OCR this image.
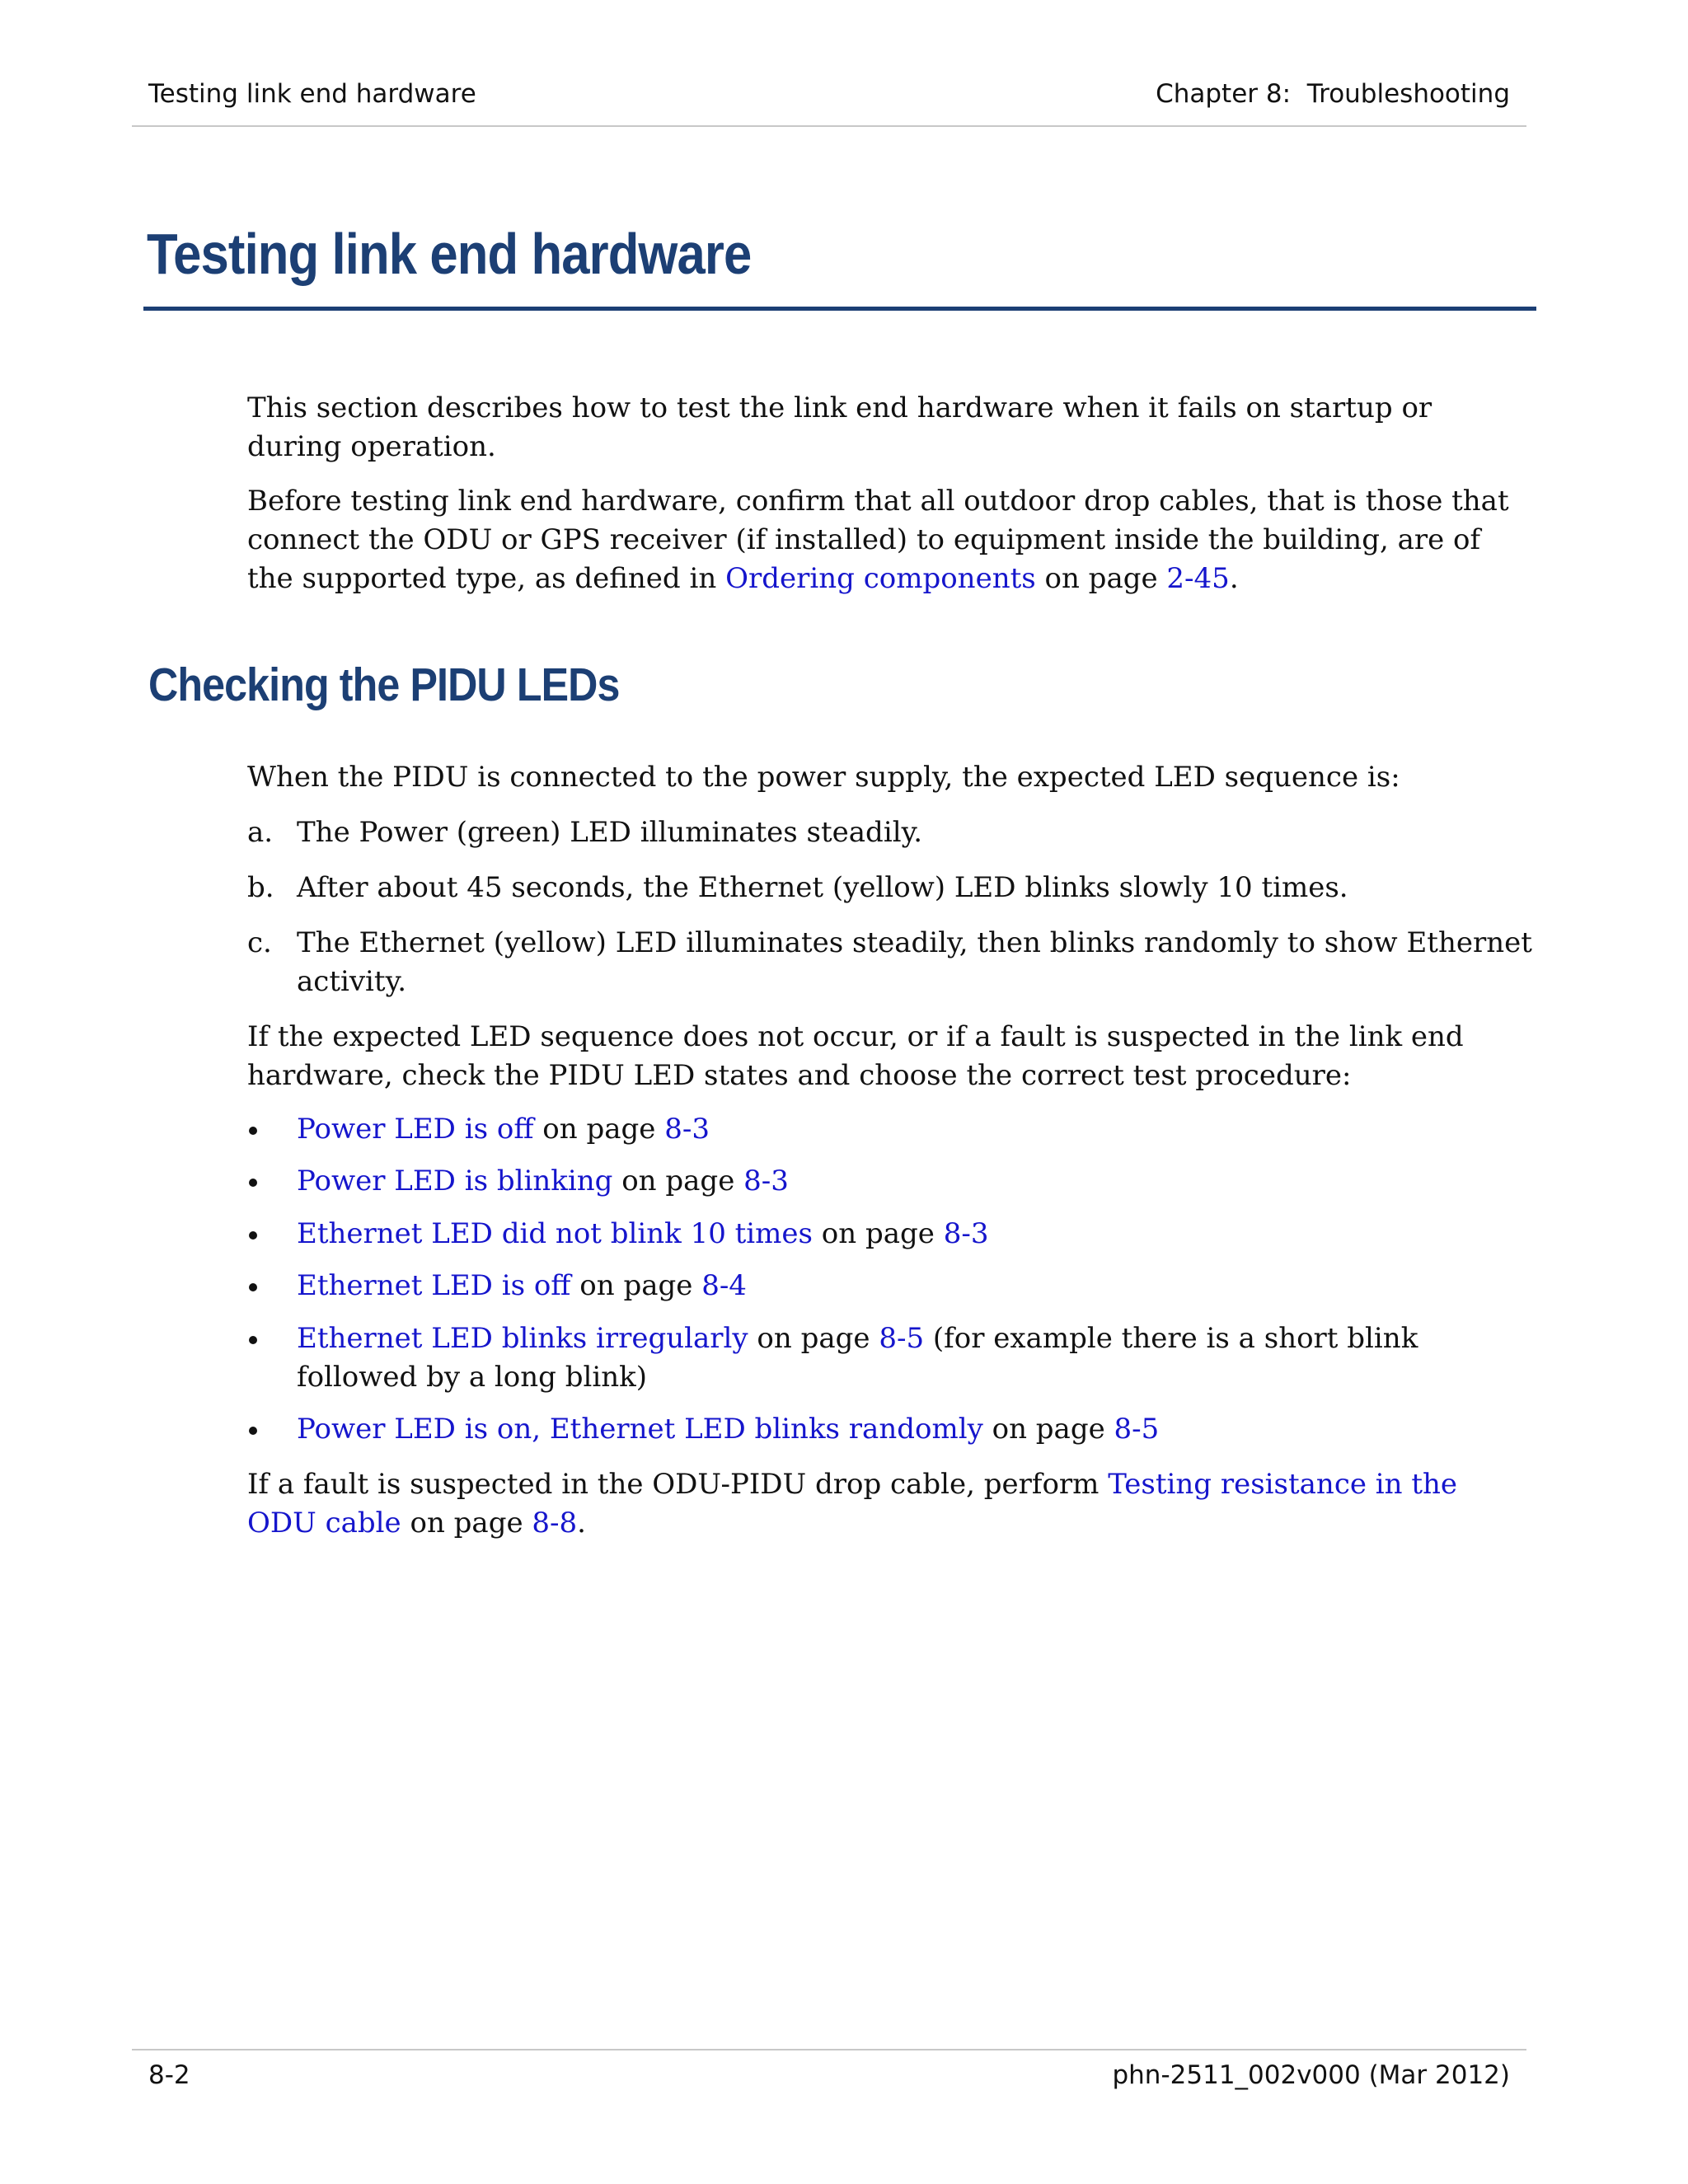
Testing link end hardware	Chapter 8:  Troubleshooting
Testing link end hardware

This section describes how to test the link end hardware when it fails on startup or during operation.

Before testing link end hardware, confirm that all outdoor drop cables, that is those that connect the ODU or GPS receiver (if installed) to equipment inside the building, are of the supported type, as defined in Ordering components on page 2-45.

Checking the PIDU LEDs

When the PIDU is connected to the power supply, the expected LED sequence is:

a. The Power (green) LED illuminates steadily.
b. After about 45 seconds, the Ethernet (yellow) LED blinks slowly 10 times.
c. The Ethernet (yellow) LED illuminates steadily, then blinks randomly to show Ethernet activity.

If the expected LED sequence does not occur, or if a fault is suspected in the link end hardware, check the PIDU LED states and choose the correct test procedure:

Power LED is off on page 8-3
Power LED is blinking on page 8-3
Ethernet LED did not blink 10 times on page 8-3
Ethernet LED is off on page 8-4
Ethernet LED blinks irregularly on page 8-5 (for example there is a short blink followed by a long blink)
Power LED is on, Ethernet LED blinks randomly on page 8-5

If a fault is suspected in the ODU-PIDU drop cable, perform Testing resistance in the ODU cable on page 8-8.

8-2	phn-2511_002v000 (Mar 2012)
